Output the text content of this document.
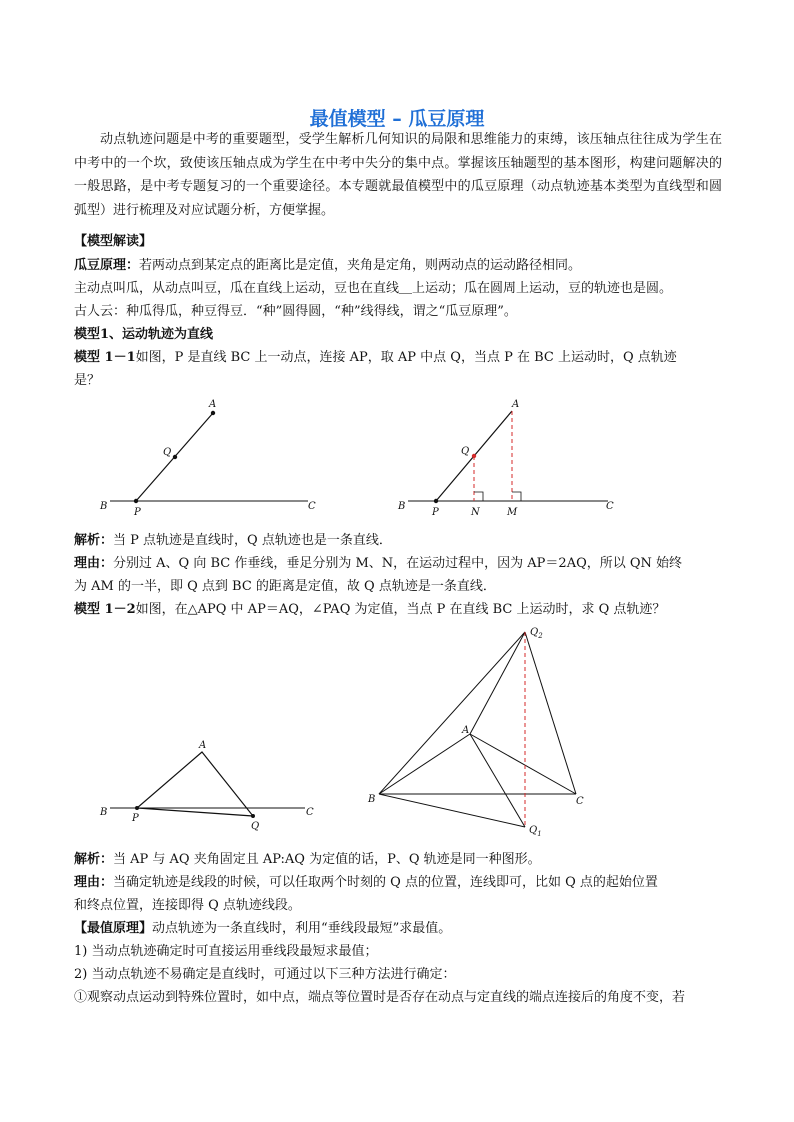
最值模型 – 瓜豆原理
动点轨迹问题是中考的重要题型，受学生解析几何知识的局限和思维能力的束缚，该压轴点往往成为学生在中考中的一个坎，致使该压轴点成为学生在中考中失分的集中点。掌握该压轴题型的基本图形，构建问题解决的一般思路，是中考专题复习的一个重要途径。本专题就最值模型中的瓜豆原理（动点轨迹基本类型为直线型和圆弧型）进行梳理及对应试题分析，方便掌握。
【模型解读】
瓜豆原理：若两动点到某定点的距离比是定值，夹角是定角，则两动点的运动路径相同。
主动点叫瓜，从动点叫豆，瓜在直线上运动，豆也在直线＿上运动；瓜在圆周上运动，豆的轨迹也是圆。
古人云：种瓜得瓜，种豆得豆．“种”圆得圆，“种”线得线，谓之“瓜豆原理”。
模型1、运动轨迹为直线
模型 1－1如图，P 是直线 BC 上一动点，连接 AP，取 AP 中点 Q，当点 P 在 BC 上运动时，Q 点轨迹
是？
A
Q
B
P
C
A
Q
B
P	N	M
C
解析：当 P 点轨迹是直线时，Q 点轨迹也是一条直线．
理由：分别过 A、Q 向 BC 作垂线，垂足分别为 M、N，在运动过程中，因为 AP＝2AQ，所以 QN 始终
为 AM 的一半，即 Q 点到 BC 的距离是定值，故 Q 点轨迹是一条直线．
模型 1－2如图，在△APQ 中 AP＝AQ，∠PAQ 为定值，当点 P 在直线 BC 上运动时，求 Q 点轨迹？
A
B
P
Q
C
$Q_2$
A
B	C
$Q_1$
解析：当 AP 与 AQ 夹角固定且 AP:AQ 为定值的话，P、Q 轨迹是同一种图形。
理由：当确定轨迹是线段的时候，可以任取两个时刻的 Q 点的位置，连线即可，比如 Q 点的起始位置
和终点位置，连接即得 Q 点轨迹线段。
【最值原理】动点轨迹为一条直线时，利用“垂线段最短”求最值。
1) 当动点轨迹确定时可直接运用垂线段最短求最值；
2) 当动点轨迹不易确定是直线时，可通过以下三种方法进行确定：
①观察动点运动到特殊位置时，如中点，端点等位置时是否存在动点与定直线的端点连接后的角度不变，若
